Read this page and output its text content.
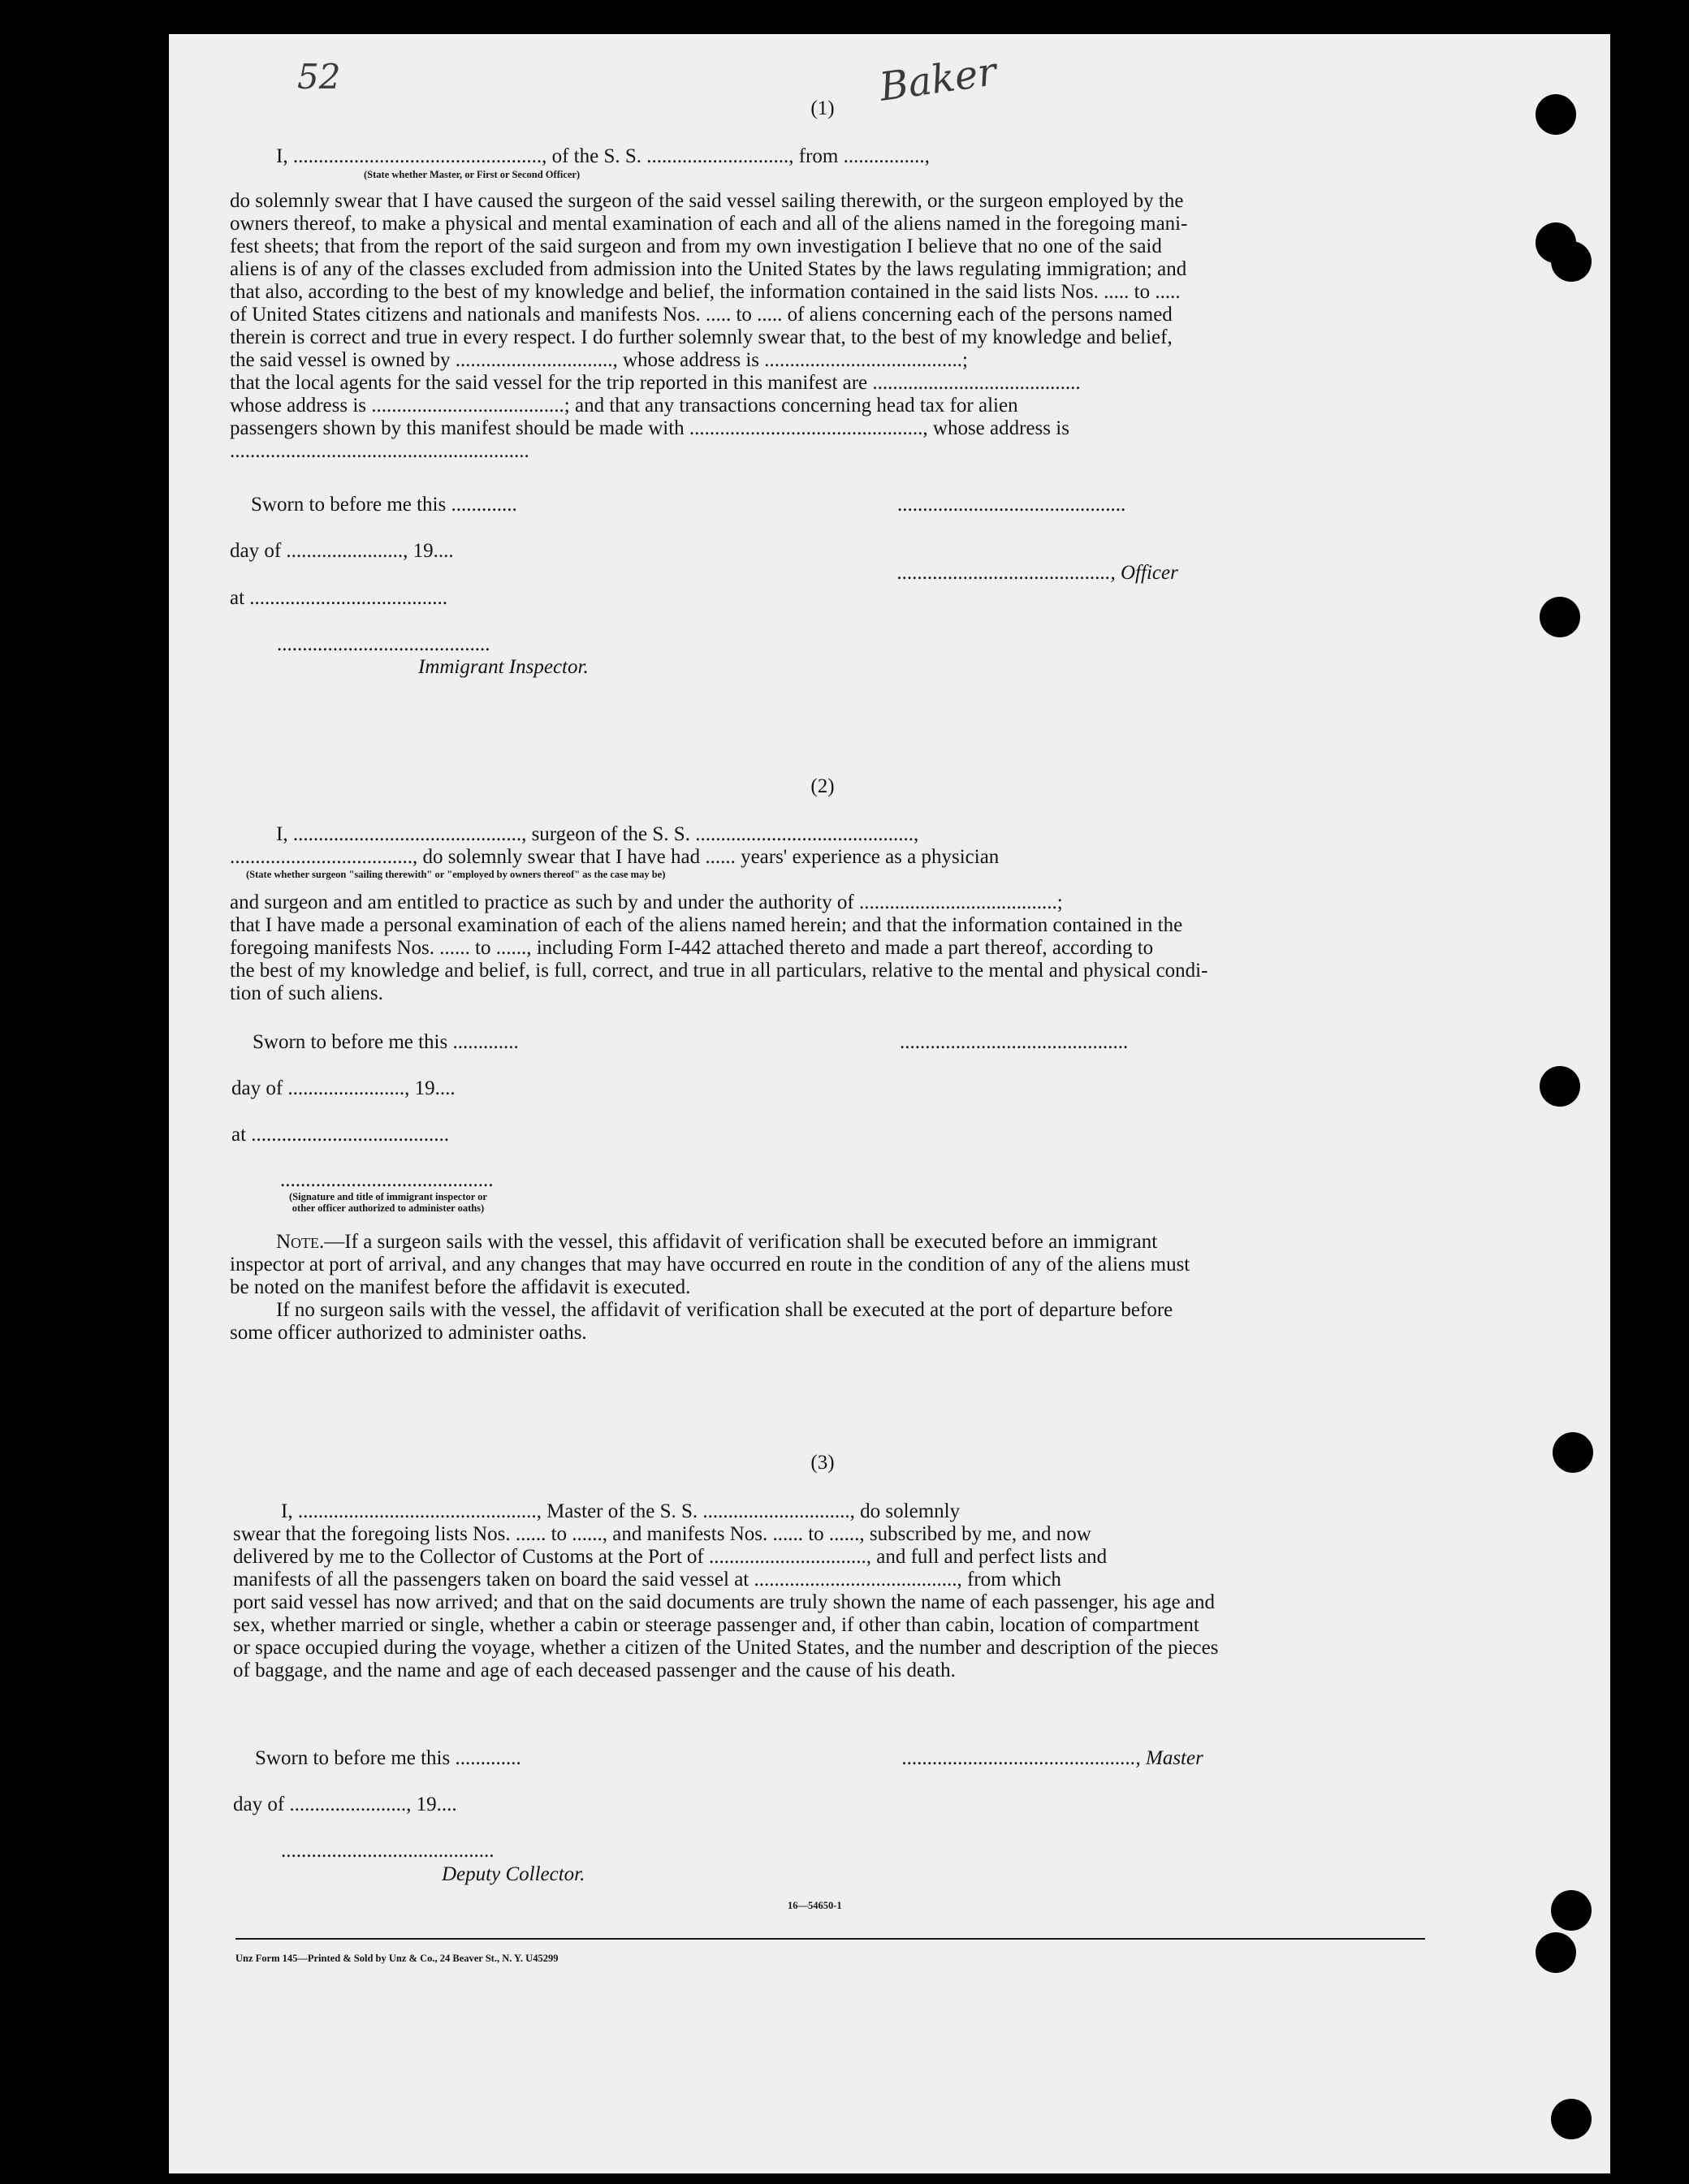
52	Baker
(1)
I, ................................................., of the S. S. ............................, from ................,
(State whether Master, or First or Second Officer)
do solemnly swear that I have caused the surgeon of the said vessel sailing therewith, or the surgeon employed by the
owners thereof, to make a physical and mental examination of each and all of the aliens named in the foregoing mani-
fest sheets; that from the report of the said surgeon and from my own investigation I believe that no one of the said
aliens is of any of the classes excluded from admission into the United States by the laws regulating immigration; and
that also, according to the best of my knowledge and belief, the information contained in the said lists Nos. ..... to .....
of United States citizens and nationals and manifests Nos. ..... to ..... of aliens concerning each of the persons named
therein is correct and true in every respect. I do further solemnly swear that, to the best of my knowledge and belief,
the said vessel is owned by ..............................., whose address is .......................................;
that the local agents for the said vessel for the trip reported in this manifest are .........................................
whose address is ......................................; and that any transactions concerning head tax for alien
passengers shown by this manifest should be made with .............................................., whose address is
...........................................................
Sworn to before me this .............	.............................................
day of ......................., 19....
.........................................., Officer
at .......................................
..........................................
Immigrant Inspector.
(2)
I, ............................................., surgeon of the S. S. ...........................................,
...................................., do solemnly swear that I have had ...... years' experience as a physician
(State whether surgeon "sailing therewith" or "employed by owners thereof" as the case may be)
and surgeon and am entitled to practice as such by and under the authority of .......................................;
that I have made a personal examination of each of the aliens named herein; and that the information contained in the
foregoing manifests Nos. ...... to ......, including Form I-442 attached thereto and made a part thereof, according to
the best of my knowledge and belief, is full, correct, and true in all particulars, relative to the mental and physical condi-
tion of such aliens.
Sworn to before me this .............	.............................................
day of ......................., 19....
at .......................................
..........................................
(Signature and title of immigrant inspector or other officer authorized to administer oaths)
Note.—If a surgeon sails with the vessel, this affidavit of verification shall be executed before an immigrant
inspector at port of arrival, and any changes that may have occurred en route in the condition of any of the aliens must
be noted on the manifest before the affidavit is executed.
If no surgeon sails with the vessel, the affidavit of verification shall be executed at the port of departure before
some officer authorized to administer oaths.
(3)
I, ..............................................., Master of the S. S. ............................., do solemnly
swear that the foregoing lists Nos. ...... to ......, and manifests Nos. ...... to ......, subscribed by me, and now
delivered by me to the Collector of Customs at the Port of ..............................., and full and perfect lists and
manifests of all the passengers taken on board the said vessel at ........................................, from which
port said vessel has now arrived; and that on the said documents are truly shown the name of each passenger, his age and
sex, whether married or single, whether a cabin or steerage passenger and, if other than cabin, location of compartment
or space occupied during the voyage, whether a citizen of the United States, and the number and description of the pieces
of baggage, and the name and age of each deceased passenger and the cause of his death.
Sworn to before me this .............	.............................................., Master
day of ......................., 19....
..........................................
Deputy Collector.
16—54650-1
Unz Form 145—Printed & Sold by Unz & Co., 24 Beaver St., N. Y. U45299
